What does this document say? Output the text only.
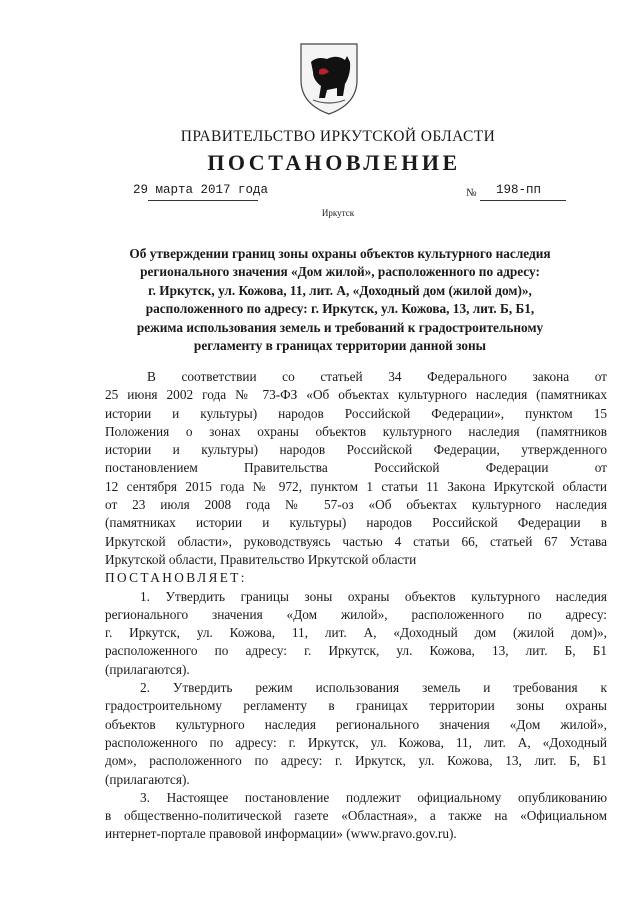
ПРАВИТЕЛЬСТВО ИРКУТСКОЙ ОБЛАСТИ
ПОСТАНОВЛЕНИЕ
29 марта 2017 года	№ 198-пп
Иркутск
Об утверждении границ зоны охраны объектов культурного наследия
регионального значения «Дом жилой», расположенного по адресу:
г. Иркутск, ул. Кожова, 11, лит. А, «Доходный дом (жилой дом)»,
расположенного по адресу: г. Иркутск, ул. Кожова, 13, лит. Б, Б1,
режима использования земель и требований к градостроительному
регламенту в границах территории данной зоны
В соответствии со статьей 34 Федерального закона от
25 июня 2002 года № 73-ФЗ «Об объектах культурного наследия (памятниках
истории и культуры) народов Российской Федерации», пунктом 15
Положения о зонах охраны объектов культурного наследия (памятников
истории и культуры) народов Российской Федерации, утвержденного
постановлением Правительства Российской Федерации от
12 сентября 2015 года № 972, пунктом 1 статьи 11 Закона Иркутской области
от 23 июля 2008 года № 57-оз «Об объектах культурного наследия
(памятниках истории и культуры) народов Российской Федерации в
Иркутской области», руководствуясь частью 4 статьи 66, статьей 67 Устава
Иркутской области, Правительство Иркутской области
ПОСТАНОВЛЯЕТ:
1. Утвердить границы зоны охраны объектов культурного наследия
регионального значения «Дом жилой», расположенного по адресу:
г. Иркутск, ул. Кожова, 11, лит. А, «Доходный дом (жилой дом)»,
расположенного по адресу: г. Иркутск, ул. Кожова, 13, лит. Б, Б1
(прилагаются).
2. Утвердить режим использования земель и требования к
градостроительному регламенту в границах территории зоны охраны
объектов культурного наследия регионального значения «Дом жилой»,
расположенного по адресу: г. Иркутск, ул. Кожова, 11, лит. А, «Доходный
дом», расположенного по адресу: г. Иркутск, ул. Кожова, 13, лит. Б, Б1
(прилагаются).
3. Настоящее постановление подлежит официальному опубликованию
в общественно-политической газете «Областная», а также на «Официальном
интернет-портале правовой информации» (www.pravo.gov.ru).
